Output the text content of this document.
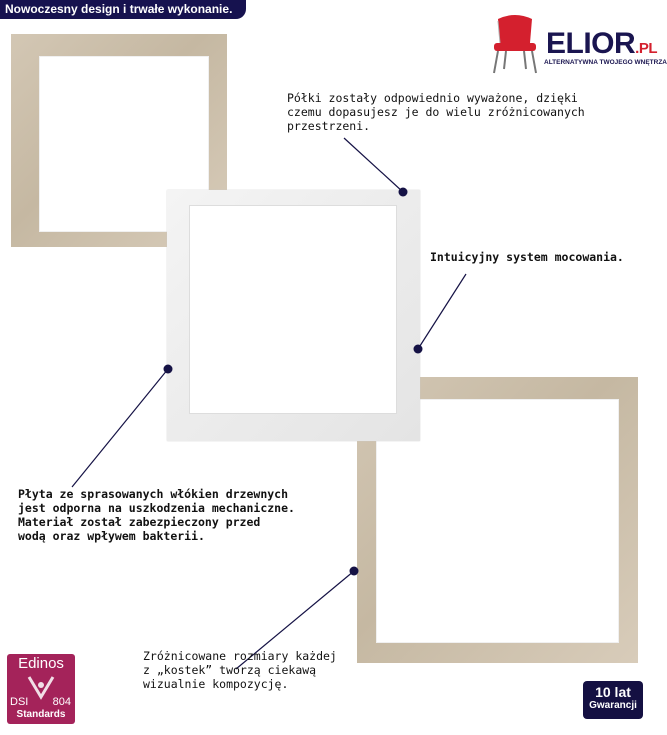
Nowoczesny design i trwałe wykonanie.
ELIOR.PL
ALTERNATYWNA TWOJEGO WNĘTRZA
Półki zostały odpowiednio wyważone, dzięki
czemu dopasujesz je do wielu zróżnicowanych
przestrzeni.
Intuicyjny system mocowania.
Płyta ze sprasowanych włókien drzewnych
jest odporna na uszkodzenia mechaniczne.
Materiał został zabezpieczony przed
wodą oraz wpływem bakterii.
Zróżnicowane rozmiary każdej
z „kostek” tworzą ciekawą
wizualnie kompozycję.
Edinos
DSI 804
Standards
10 lat
Gwarancji
